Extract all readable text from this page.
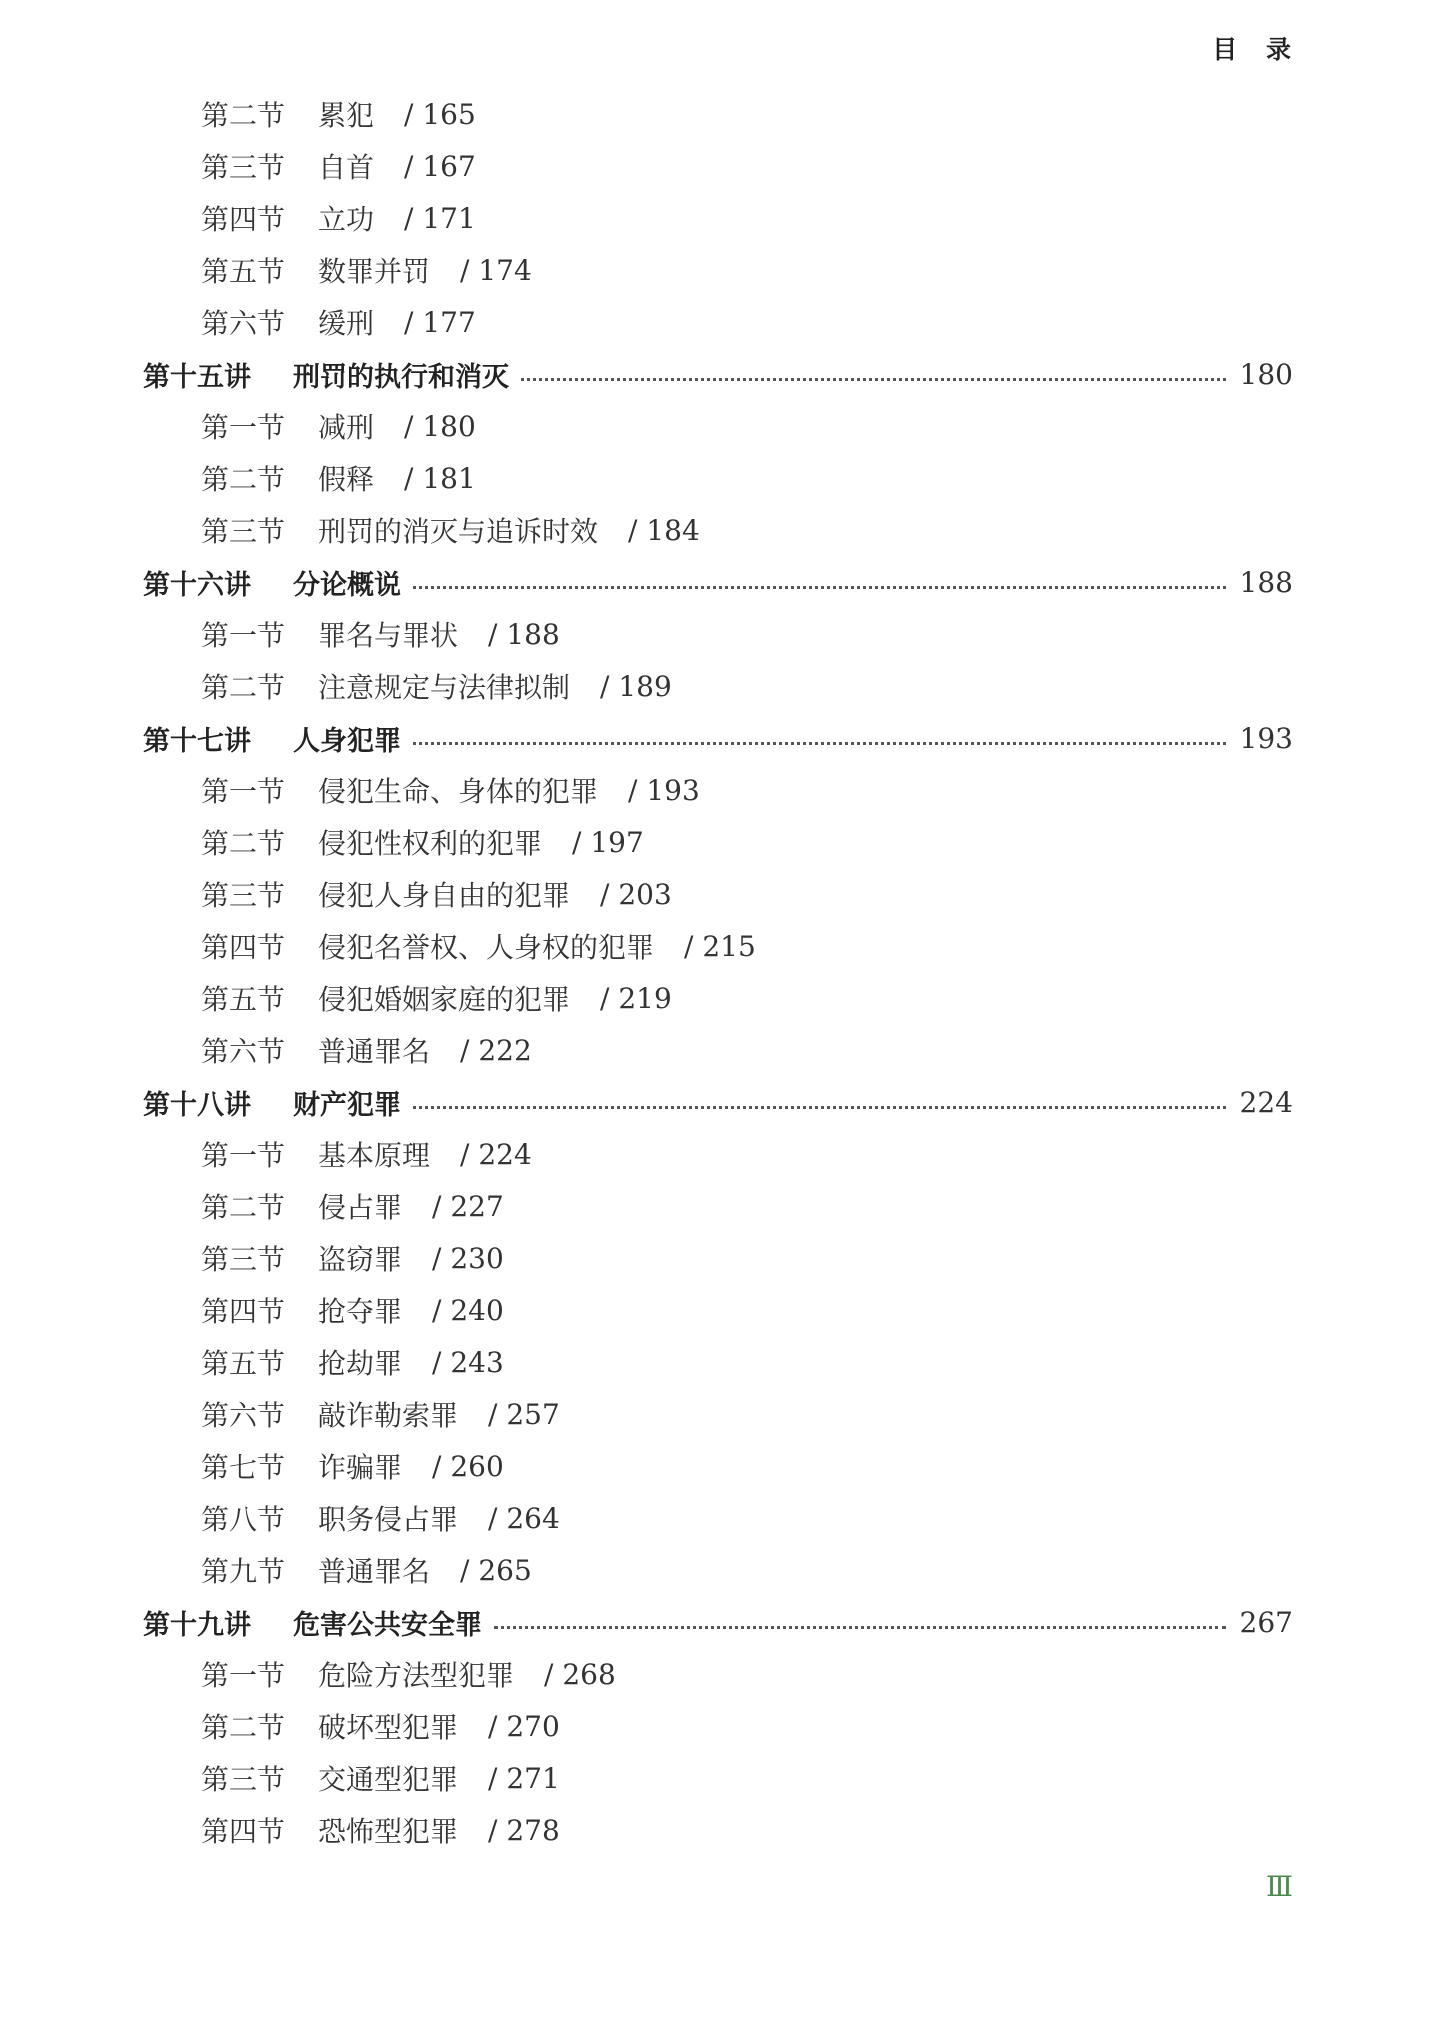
目 录
第二节	累犯 / 165
第三节	自首 / 167
第四节	立功 / 171
第五节	数罪并罚 / 174
第六节	缓刑 / 177
第十五讲	刑罚的执行和消灭	180
第一节	减刑 / 180
第二节	假释 / 181
第三节	刑罚的消灭与追诉时效 / 184
第十六讲	分论概说	188
第一节	罪名与罪状 / 188
第二节	注意规定与法律拟制 / 189
第十七讲	人身犯罪	193
第一节	侵犯生命、身体的犯罪 / 193
第二节	侵犯性权利的犯罪 / 197
第三节	侵犯人身自由的犯罪 / 203
第四节	侵犯名誉权、人身权的犯罪 / 215
第五节	侵犯婚姻家庭的犯罪 / 219
第六节	普通罪名 / 222
第十八讲	财产犯罪	224
第一节	基本原理 / 224
第二节	侵占罪 / 227
第三节	盗窃罪 / 230
第四节	抢夺罪 / 240
第五节	抢劫罪 / 243
第六节	敲诈勒索罪 / 257
第七节	诈骗罪 / 260
第八节	职务侵占罪 / 264
第九节	普通罪名 / 265
第十九讲	危害公共安全罪	267
第一节	危险方法型犯罪 / 268
第二节	破坏型犯罪 / 270
第三节	交通型犯罪 / 271
第四节	恐怖型犯罪 / 278
Ⅲ
